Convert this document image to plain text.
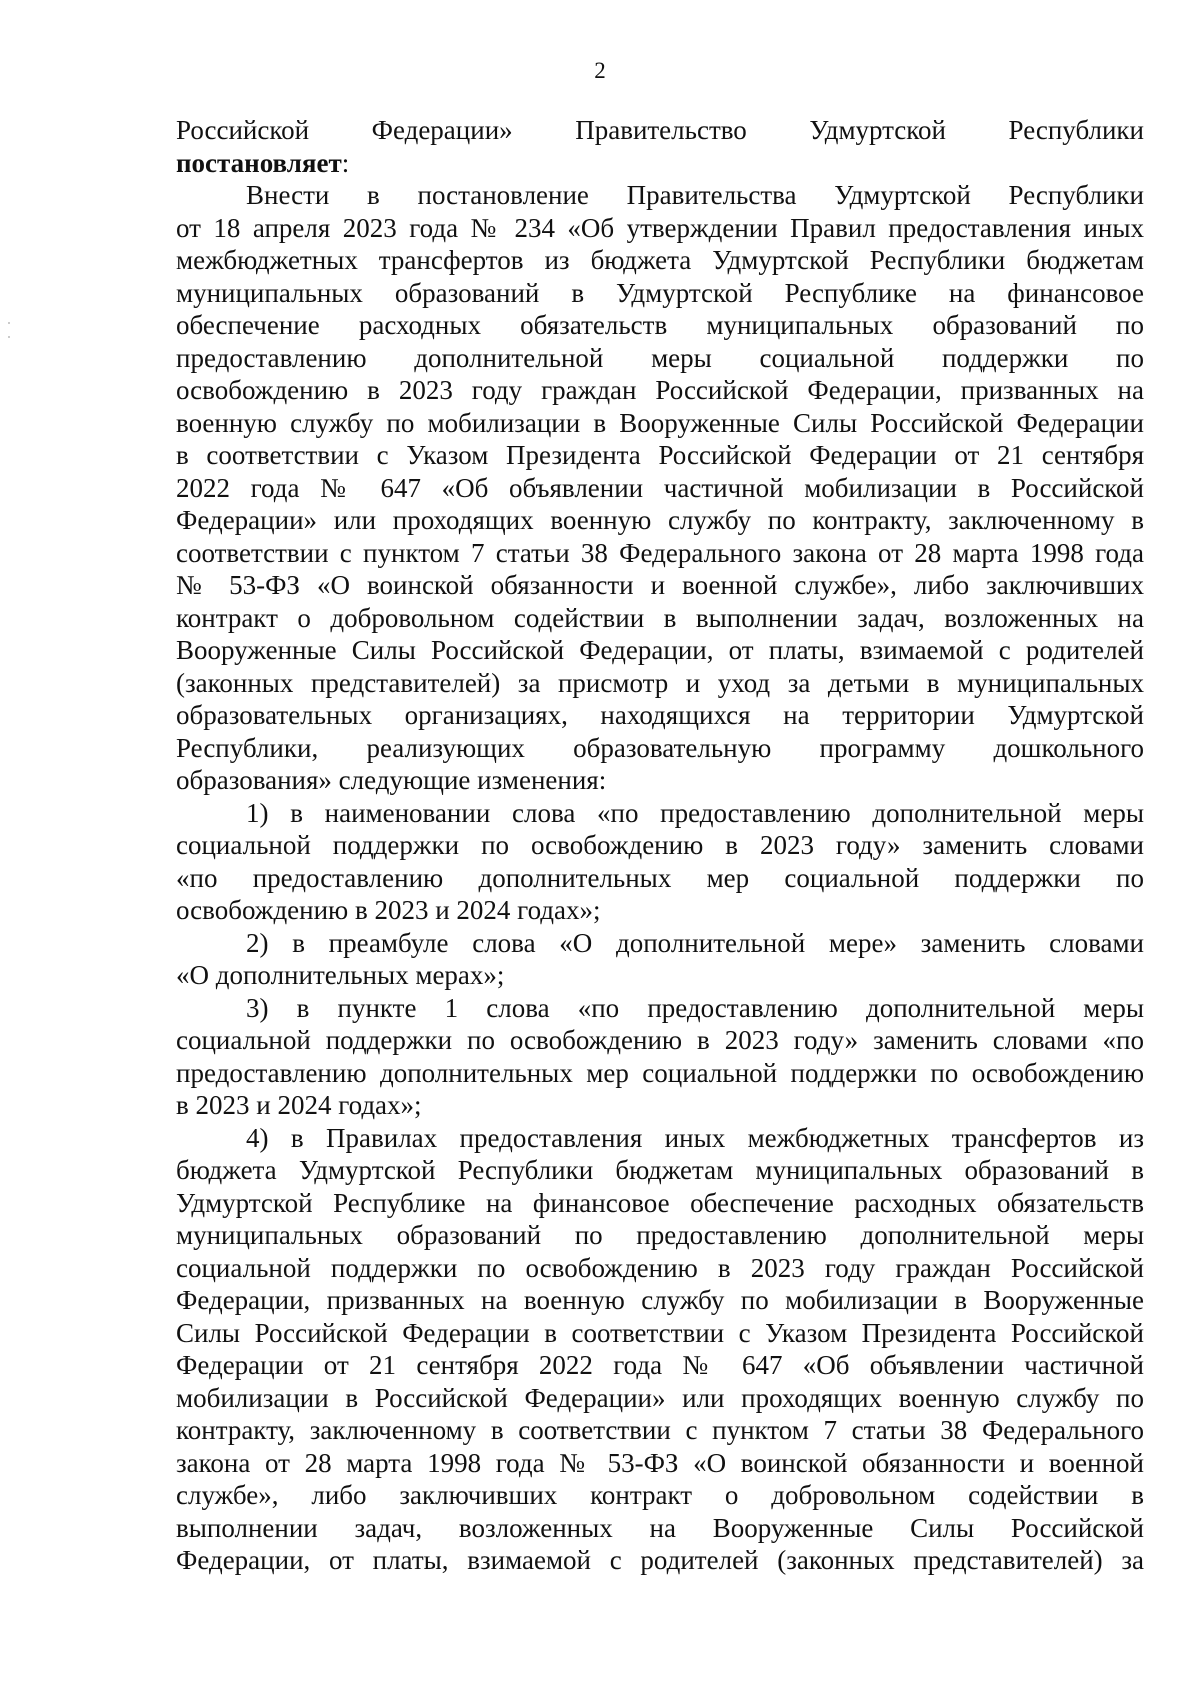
2
Российской Федерации» Правительство Удмуртской Республики
постановляет:
Внести в постановление Правительства Удмуртской Республики
от 18 апреля 2023 года № 234 «Об утверждении Правил предоставления иных
межбюджетных трансфертов из бюджета Удмуртской Республики бюджетам
муниципальных образований в Удмуртской Республике на финансовое
обеспечение расходных обязательств муниципальных образований по
предоставлению дополнительной меры социальной поддержки по
освобождению в 2023 году граждан Российской Федерации, призванных на
военную службу по мобилизации в Вооруженные Силы Российской Федерации
в соответствии с Указом Президента Российской Федерации от 21 сентября
2022 года № 647 «Об объявлении частичной мобилизации в Российской
Федерации» или проходящих военную службу по контракту, заключенному в
соответствии с пунктом 7 статьи 38 Федерального закона от 28 марта 1998 года
№ 53-ФЗ «О воинской обязанности и военной службе», либо заключивших
контракт о добровольном содействии в выполнении задач, возложенных на
Вооруженные Силы Российской Федерации, от платы, взимаемой с родителей
(законных представителей) за присмотр и уход за детьми в муниципальных
образовательных организациях, находящихся на территории Удмуртской
Республики, реализующих образовательную программу дошкольного
образования» следующие изменения:
1) в наименовании слова «по предоставлению дополнительной меры
социальной поддержки по освобождению в 2023 году» заменить словами
«по предоставлению дополнительных мер социальной поддержки по
освобождению в 2023 и 2024 годах»;
2) в преамбуле слова «О дополнительной мере» заменить словами
«О дополнительных мерах»;
3) в пункте 1 слова «по предоставлению дополнительной меры
социальной поддержки по освобождению в 2023 году» заменить словами «по
предоставлению дополнительных мер социальной поддержки по освобождению
в 2023 и 2024 годах»;
4) в Правилах предоставления иных межбюджетных трансфертов из
бюджета Удмуртской Республики бюджетам муниципальных образований в
Удмуртской Республике на финансовое обеспечение расходных обязательств
муниципальных образований по предоставлению дополнительной меры
социальной поддержки по освобождению в 2023 году граждан Российской
Федерации, призванных на военную службу по мобилизации в Вооруженные
Силы Российской Федерации в соответствии с Указом Президента Российской
Федерации от 21 сентября 2022 года № 647 «Об объявлении частичной
мобилизации в Российской Федерации» или проходящих военную службу по
контракту, заключенному в соответствии с пунктом 7 статьи 38 Федерального
закона от 28 марта 1998 года № 53-ФЗ «О воинской обязанности и военной
службе», либо заключивших контракт о добровольном содействии в
выполнении задач, возложенных на Вооруженные Силы Российской
Федерации, от платы, взимаемой с родителей (законных представителей) за
